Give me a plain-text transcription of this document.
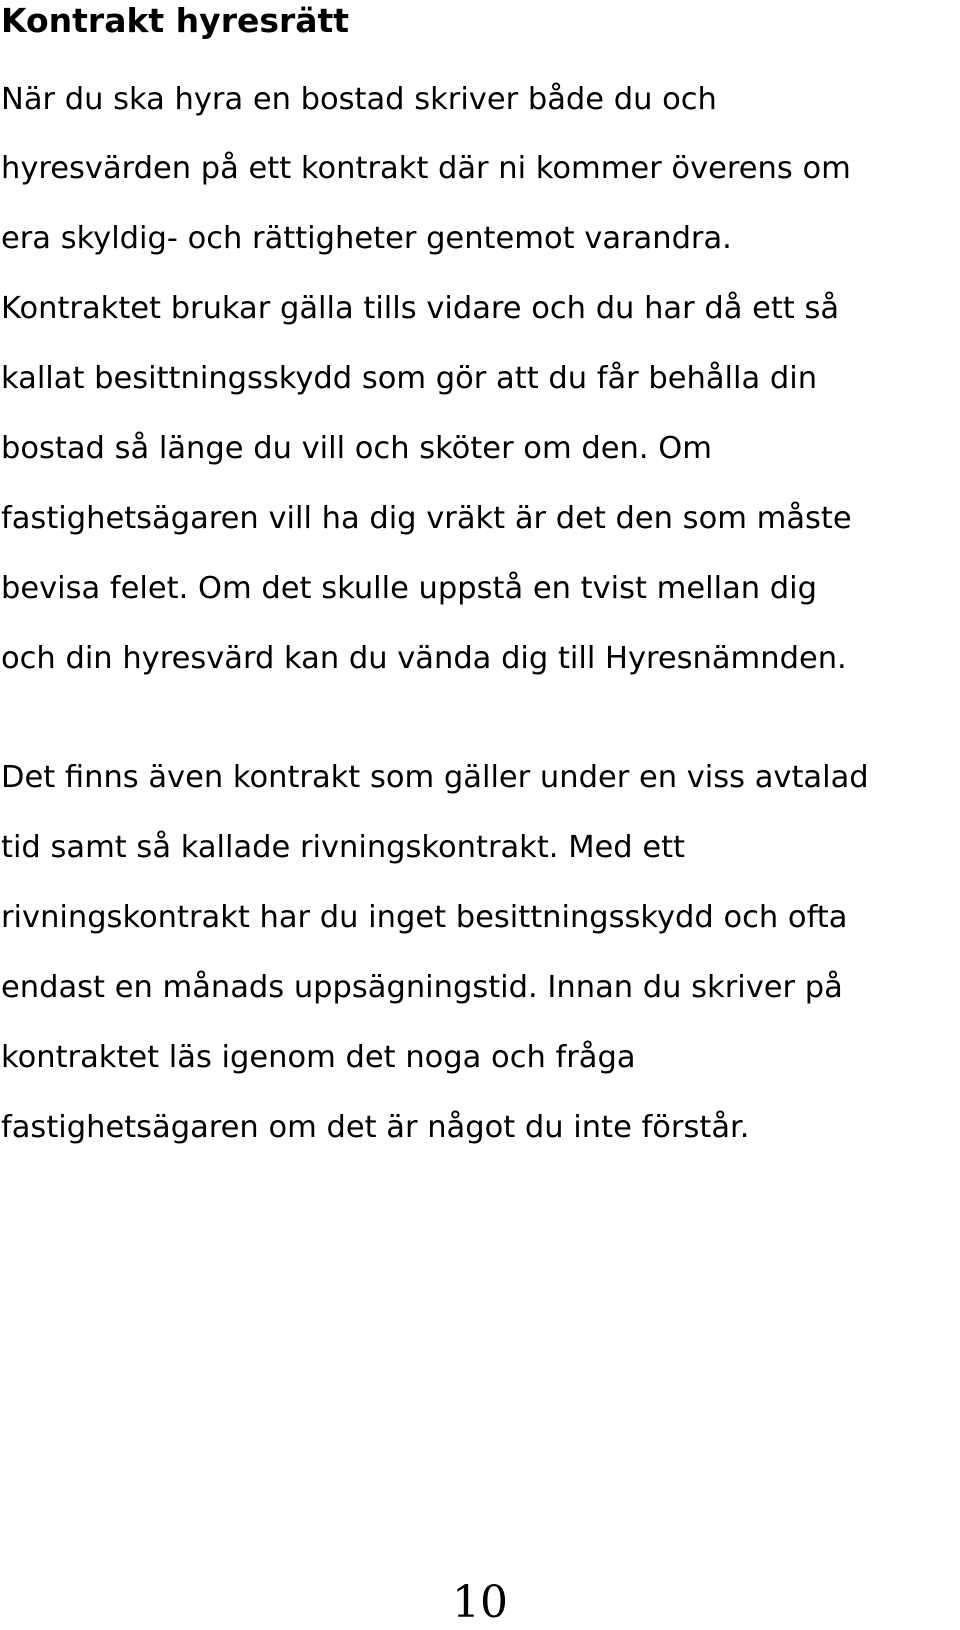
Kontrakt hyresrätt

När du ska hyra en bostad skriver både du och

hyresvärden på ett kontrakt där ni kommer överens om

era skyldig- och rättigheter gentemot varandra.

Kontraktet brukar gälla tills vidare och du har då ett så

kallat besittningsskydd som gör att du får behålla din

bostad så länge du vill och sköter om den. Om

fastighetsägaren vill ha dig vräkt är det den som måste

bevisa felet. Om det skulle uppstå en tvist mellan dig

och din hyresvärd kan du vända dig till Hyresnämnden.

Det finns även kontrakt som gäller under en viss avtalad

tid samt så kallade rivningskontrakt. Med ett

rivningskontrakt har du inget besittningsskydd och ofta

endast en månads uppsägningstid. Innan du skriver på

kontraktet läs igenom det noga och fråga

fastighetsägaren om det är något du inte förstår.

10
